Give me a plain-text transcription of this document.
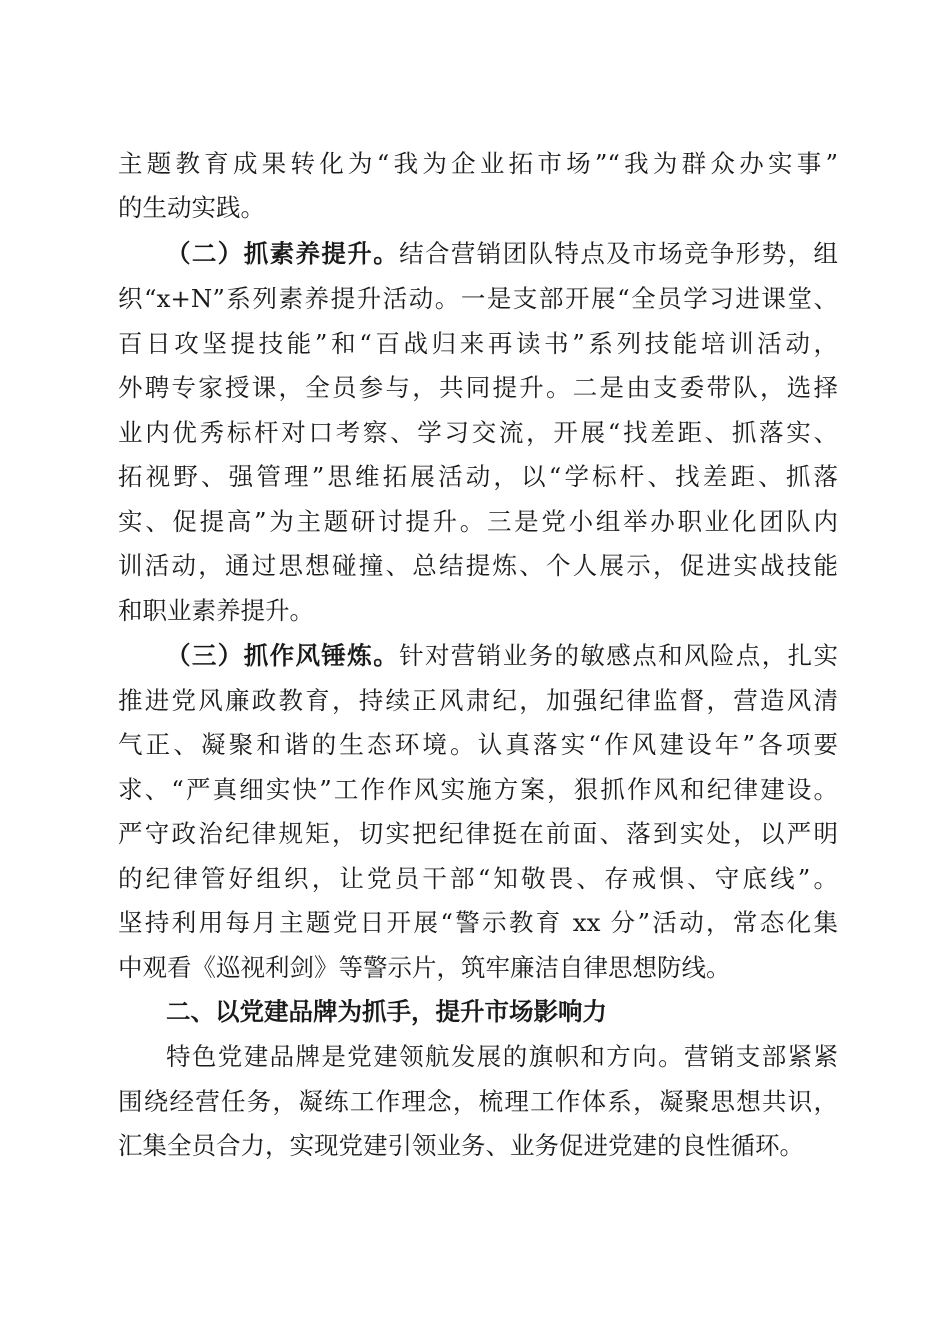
主题教育成果转化为“我为企业拓市场”“我为群众办实事”
的生动实践。
（二）抓素养提升。结合营销团队特点及市场竞争形势，组
织“x+N”系列素养提升活动。一是支部开展“全员学习进课堂、
百日攻坚提技能”和“百战归来再读书”系列技能培训活动，
外聘专家授课，全员参与，共同提升。二是由支委带队，选择
业内优秀标杆对口考察、学习交流，开展“找差距、抓落实、
拓视野、强管理”思维拓展活动，以“学标杆、找差距、抓落
实、促提高”为主题研讨提升。三是党小组举办职业化团队内
训活动，通过思想碰撞、总结提炼、个人展示，促进实战技能
和职业素养提升。
（三）抓作风锤炼。针对营销业务的敏感点和风险点，扎实
推进党风廉政教育，持续正风肃纪，加强纪律监督，营造风清
气正、凝聚和谐的生态环境。认真落实“作风建设年”各项要
求、“严真细实快”工作作风实施方案，狠抓作风和纪律建设。
严守政治纪律规矩，切实把纪律挺在前面、落到实处，以严明
的纪律管好组织，让党员干部“知敬畏、存戒惧、守底线”。
坚持利用每月主题党日开展“警示教育 xx 分”活动，常态化集
中观看《巡视利剑》等警示片，筑牢廉洁自律思想防线。
二、以党建品牌为抓手，提升市场影响力
特色党建品牌是党建领航发展的旗帜和方向。营销支部紧紧
围绕经营任务，凝练工作理念，梳理工作体系，凝聚思想共识，
汇集全员合力，实现党建引领业务、业务促进党建的良性循环。
